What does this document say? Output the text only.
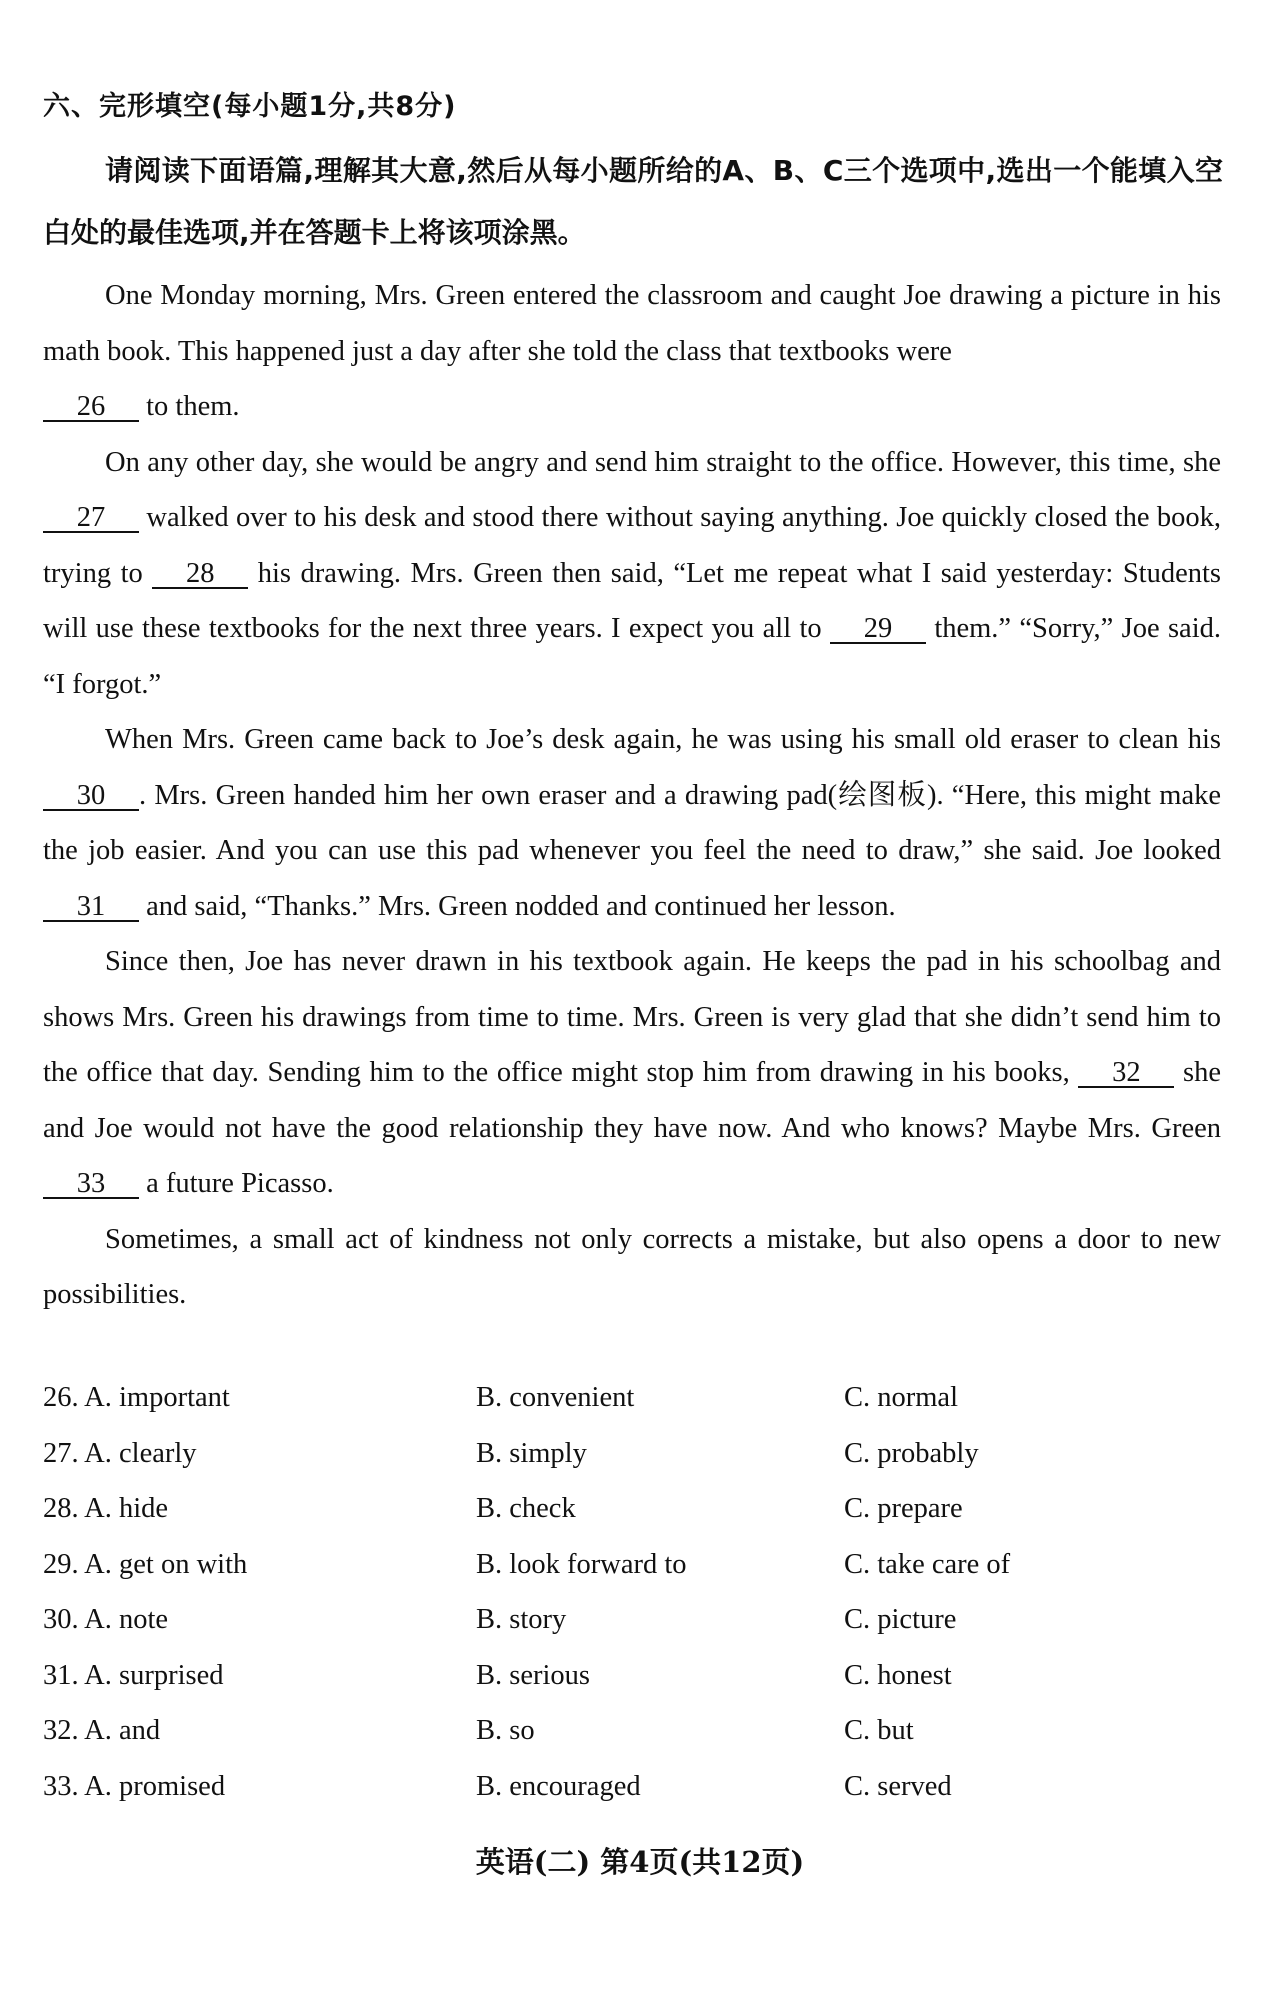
六、完形填空(每小题1分,共8分)
请阅读下面语篇,理解其大意,然后从每小题所给的A、B、C三个选项中,选出一个能填入空白处的最佳选项,并在答题卡上将该项涂黑。

One Monday morning, Mrs. Green entered the classroom and caught Joe drawing a picture in his math book. This happened just a day after she told the class that textbooks were
26 to them.

On any other day, she would be angry and send him straight to the office. However, this time, she 27 walked over to his desk and stood there without saying anything. Joe quickly closed the book, trying to 28 his drawing. Mrs. Green then said, “Let me repeat what I said yesterday: Students will use these textbooks for the next three years. I expect you all to 29 them.” “Sorry,” Joe said. “I forgot.”

When Mrs. Green came back to Joe’s desk again, he was using his small old eraser to clean his 30 . Mrs. Green handed him her own eraser and a drawing pad(绘图板). “Here, this might make the job easier. And you can use this pad whenever you feel the need to draw,” she said. Joe looked 31 and said, “Thanks.” Mrs. Green nodded and continued her lesson.

Since then, Joe has never drawn in his textbook again. He keeps the pad in his schoolbag and shows Mrs. Green his drawings from time to time. Mrs. Green is very glad that she didn’t send him to the office that day. Sending him to the office might stop him from drawing in his books, 32 she and Joe would not have the good relationship they have now. And who knows? Maybe Mrs. Green 33 a future Picasso.

Sometimes, a small act of kindness not only corrects a mistake, but also opens a door to new possibilities.

26. A. important	B. convenient	C. normal
27. A. clearly	B. simply	C. probably
28. A. hide	B. check	C. prepare
29. A. get on with	B. look forward to	C. take care of
30. A. note	B. story	C. picture
31. A. surprised	B. serious	C. honest
32. A. and	B. so	C. but
33. A. promised	B. encouraged	C. served
英语(二) 第4页(共12页)
